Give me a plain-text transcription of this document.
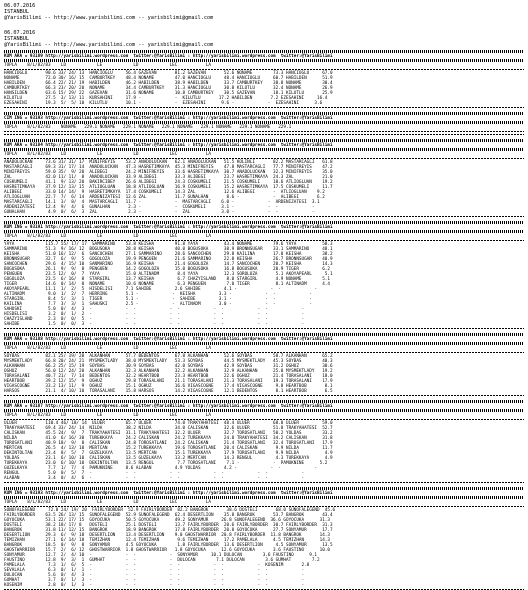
06.07.2016
ISTANBUL
@YarisBilimi -- http://www.yarisbilimi.com -- yarisbilimi@gmail.com
06.07.2016
ISTANBUL
@YarisBilimi -- http://www.yarisbilimi.com -- yarisbilimi@gmail.com
KUM ARA = 93189 http://yarisbilimi.wordpress.com  twitter:@YarisBilimi : http://yarisbilimi.wordpress.com  twitter:@YarisBilimi
TOPLA    8/L/82/83    LD            LE            LD            LEC           LA
HANCIOGLU       90.6 33/ 24/ 13  HANCIOGLU     56.4 GAZEVAN       81.2 GAZEVAN       52.6 NONAME        73.3 HANCIOGLU     67.0
NONAME          72.0 30/ 16/ 15  CAMBURTKEY    48.4 NONAME        47.0 HANCIOGLU     48.4 HANCIOGLU     60.7 HABILDEN      51.9
HABILDEN        66.4 22/ 21/ 19  HABILDEN      46.2 HABILDEN      38.9 HABILDEN      33.7 CAMBURTKEY    38.8 NONAME        30.4
CAMBURTKEY      66.3 23/ 20/ 20  NONAME        34.4 CAMBURTKEY    31.3 HANCIOGLU     30.8 KILUTLU       32.4 NONAME        26.9
HANSILDEN       63.6 15/ 29/ 22  GAZEVAN       31.6 NONAME        10.8 CAMBURTKEY    30.5 GAZEVAN       18.1 KILUTLU       25.9
KILUTLU         27.5  3/ 13/ 11  KURSAHINI     17.9 -             -  KILUTLU       17.2 HABILDEN       7.2 EZESAHINI     16.4
EZESAHINI       19.3  5/  5/ 10  KILUTLU       10.1 -             -  EZESAHINI      9.6 -             -  EZESAHINI      3.6
CIM ING = 93193 http://yarisbilimi.wordpress.com  twitter:@YarisBilimi : http://yarisbilimi.wordpress.com  twitter:@YarisBilimi
TOPLA    8/L/82/83    NONAME   229.1 NONAME   229.1 NONAME   229.1 NONAME   229.1 NONAME   229.1 NONAME   229.1
KUM ARA = 93184 http://yarisbilimi.wordpress.com  twitter:@YarisBilimi : http://yarisbilimi.wordpress.com  twitter:@YarisBilimi
TOPLA    8/L/82/83    LD            LE            LD            LEC           LA
ANADOLUCKAN     73.6 31/ 31/ 17  MINIFREYIS    53.2 ANADOLUCKAN   62.1 ANADOLUCKAN   51.5 KOLINLI       82.2 MASTARCAGLI   61.8
MASTARCAGLI     69.3 31/ 17/ 14  ANADOLUCKAN   47.3 HASRETIMKAYA  45.3 MINIFREYIS    47.8 MASTARCAGLI   77.7 MINIFREYIS    47.2
MINIFREYIS      59.0 35/  9/ 20  ALIBEGI       24.2 MINIFREYIS    33.6 HASRETIMKAYA  30.7 ANADOLUCKAN   32.3 MINIFREYIS    35.0
ZAL             42.0 11/ 11/  8  ANADOLUCKAN   33.9 ALIBEGI       33.3 ALIBEGI       23.7 HASRETIMKAYA  24.3 ZAL           21.0
COSKUMELI       41.1  9/ 13/ 20  BAKIRCIBEY    26.6 ALIBEGI       24.3 COSKUMELI     21.5 COSKUMELI     10.6 ATLIOGLUAN    19.2
HASRETIMKAYA    37.9 12/ 13/ 15  ATLIOGLUAN    18.8 ATLIOGLUAN    16.9 COSKUMELI     15.2 HASRETIMKAYA  17.5 COSKUMELI     11.7
ALIBEGI         33.0 14/ 14/  9  HASRETIMKAYA  17.4 COSKUMELI     14.3 ZAL           12.6 ALIBEGI       -  ATLIOGLUAN    9.2
ATLIOGLUAN      22.7  7/  6/ 14  ARDENIZATESI  12.6 ZAL           11.7 GUNALHAN       8.6 -             -  ALIBEGI       6.2
MASTARCAGLI     14.1  3/  8/  4  MASTARCAGLI   11.7 -             -  MASTARCAGLI    6.0 -             -  ARDENIZATESI  3.1
ARDENIZATESI    12.4  9/  4/  6  GUNALHAN       2.3 -             -  COSKUMELI      3.1 -             -  -             -
GUNALHAN         4.9  0/  6/  3  ZAL            2.3 -             -  ZAL            3.0 -             -  -             -
KUM ING = 93191 http://yarisbilimi.wordpress.com  twitter:@YarisBilimi : http://yarisbilimi.wordpress.com  twitter:@YarisBilimi
TOPLA    8/L/82/83    LD            LE            LD            LEC           LA
YAYA            115.7 55/ 17/ 17  SAMMARINO    53.8 KEISHA        91.8 YAYA          43.4 NONAME        79.6 YAYA          58.3
SAMMARINO       51.3  9/ 16/ 12  BOGUSOKA      28.8 KEISHA        40.0 BOGUSOKA      38.9 BRONNSUGAR    33.1 SAMMARINO     48.1
KEISHA          51.0 16/ 12/  6  SANCOCHEN     27.1 SAMMARINO     28.6 SANCOCHEN     29.8 KAILINA       17.0 KEISHA        38.2
BRONNSUGAR      32.7  6/  9/  5  GOGOLOZA      19.9 PENGUEN       21.6 SAMMARINO     22.8 KEISHA        26.7 BRONNSUGAR    40.9
SANCOCHEN       29.6  4/ 15/ 10  SANMARINO     16.9 KEISHA        21.4 GOGOLOZA      14.7 SANCOCHEN     20.7 KEISHA        14.3
BOGUSOKA        26.1  9/  9/  8  PENGUEN       14.2 GOGOLOZA      15.0 BOGUSOKA      16.8 BOGUSOKA      20.9 TIGER         6.2
PENGUEN         23.5 12/  0/  7  YAYA          15.0 ALTINADM       8.4 YAYA          12.3 SOROLOZA       5.1 AKOYAPEARL     5.1
GOGOLOZA        23.5  6/ 16/  8  STARGIRL      13.7 KEISHA         6.7 CHAZYISLAND    8.0 STARGIRL       4.9 NONAME        5.1
TIGER           14.6  0/ 14/  0  NONAME        10.6 NONAME         6.3 PENGUEN        7.0 TIGER          8.1 ALTINADM      4.4
AKOYAPEARL      11.1  1/  2/  5  HISDELISI     7.1 SAHIBE         2.6 SAHIBE         4.1 -             -  -             -
ALTINADM         9.0  1/  2/  7  HERRING       5.1 -             -  KEISHA         3.3 -             -  -             -
STARGIRL         8.4  5/  3/  1  TIGER         5.1 -             -  SAHIBE         3.1 -             -  -             -
KAILINA          7.7  3/  3/  1  SAHUSKI       2.5 -             -  ALTINADM       3.0 -             -  -             -
SAHUSKI          5.0  0/  4/  3  -             -  -             -  -             -  -             -  -             -
HISDELISI        3.2  0/  1/  2  -             -  -             -  -             -  -             -  -             -
CHAZYISLAND      2.3  0/  0/  5  -             -  -             -  -             -  -             -  -             -
SAHIBE           1.5  0/  0/  3  -             -  -             -  -             -  -             -  -             -
KUM ARA = 93188 http://yarisbilimi.wordpress.com  twitter:@YarisBilimi : http://yarisbilimi.wordpress.com  twitter:@YarisBilimi
TOPLA    8/L/82/83    LD            LE            LD            LEC           LA
SOYBAS          82.1 25/ 19/ 20  ALKANHAN      57.7 BEDENTOS      67.8 ALKANHAN      52.6 SOYBAS        58.7 ALKANHAN      65.2
MYSMEKTLADY     66.8 20/ 24/ 21  MYSMEKTLADY   38.0 MYSMEKTLADY   53.3 SOYBAS        44.5 MYSMEKTLADY   45.3 SOYBAS        40.3
ALKANHAN        66.2 25/ 15/ 19  SOYBAS        30.9 SOYBAS        42.0 SOYBAS        42.9 SOYBAS        31.2 OGHUZ         30.6
OGHUZ           56.0 12/ 24/ 20  ALKANHAN      32.3 ALKANHAN      32.2 ALKANHAN      32.9 ALKANHAN      25.0 MYSMEKTLADY   19.2
TORASALANI      40.7 21/  7/ 14  BEDENTOS      32.2 HEARTBOB      23.3 HEARTBOB      22.6 OGHUZ         21.4 TORASALANI    18.0
HEARTBOB        39.2 12/ 15/  9  OGHUZ         29.8 TORASALANI    21.1 TORASALANI    21.3 TORASALANI    19.3 TORASALANI    17.9
VIGASCOGNE      33.2 13/ 11/  9  OGHUZ         15.1 OGHUZ         16.6 VIGASCOGNE    17.4 VIGASCOGNE     9.8 HEARTBOB       8.1
HARSOS          21.1  4/ 10/ 10  TORASALANI    15.8 HARSOS        14.2 VIGASCOGNE    12.1 BEDENTOS       8.1 HEARTBOB       6.5
KUM ARA = 93187 http://yarisbilimi.wordpress.com  twitter:@YarisBilimi : http://yarisbilimi.wordpress.com  twitter:@YarisBilimi
TOPLA    8/L/82/83    LD            LE            LD            LEC           LA
ULUER           110.4 46/ 18/ 14  ULUER        65.7 ULUER         74.0 TRAKYAHATESI  48.4 ULUER         68.8 ULUER         59.0
TRAKYAHATESI    69.4 33/ 24/ 14  NILDA         38.2 NILDA         34.0 CALISKAN      32.6 ULUER         51.8 TRAKYAHATESI  52.7
CALISKAN        45.5 24/  9/  7  TRAKYAHATESI  31.1 TRAKYAHATESI  32.2 ULUER         32.7 TOROSATLANI   50.2 YOLDAS        33.2
NILDA           41.0  6/ 16/ 30  TUREKKAYA     24.2 CALISKAN      24.2 TUREKKAYA     24.8 TRAKYAHATESI  34.2 CALISKAN      31.8
TOROSATLANI     40.9 18/  9/  8  CALISKAN      24.8 TOROSATLANI   24.2 CALISKAN      21.4 TOROSATLANI   32.4 TOROSATLANI   17.9
MERTCAN         26.5  4/ 13/ 10  MERTCAN       15.2 TUREKKAYA     19.6 TOROSATLANI   20.4 CALISKAN       9.9 NILDA         11.7
DEKINTOLTAN     23.4  8/  5/  7  GUZELKAYA     13.5 MERTCAN       15.1 TUREKKAYA     17.9 TOROSATLANI    9.9 NILDA          4.9
YOLDAS          23.1  6/ 10/ 10  CALISKAN      13.5 GUZELKAYA     13.2 MERTCAN       14.3 RENGUL         4.3 TUREKKAYA      4.9
TUREKKAYA       23.0  6/ 10/ 10  DEKINTOLTAN   13.5 RENGUL         7.7 TOROSATLANI    7.1 -             -  PAMUKNINE      5.2
GUZELKAYA        7.7  1/  7/  4  PAMUKNINE     8.6 ALABAN         4.9 YOLDAS         4.2 -             -  -             -
RENGUL           5.0  0/  5/  7  -             -  -             -  -             -  -             -  -             -
ALABAN           3.4  0/  4/  6  -             -  -             -  -             -  -             -  -             -
KUM ING = 93193 http://yarisbilimi.wordpress.com  twitter:@YarisBilimi : http://yarisbilimi.wordpress.com  twitter:@YarisBilimi
TOPLA    8/L/82/83    LD            LE            LD            LEC           LA
SUNOFALEGEND     72.0 24/ 19/ 20  FAIRLYBORDER  52.9 FAIRLYBORDER  82.2 BANGROK       38.6 DOSTELI       68.0 SUNOFALEGEND  45.6
FAIRLYBORDER    63.5 26/ 13/ 15  SUNOFALEGEND  52.9 SUNOFALEGEND  62.4 DESERTLION    35.8 BANGROK       53.7 BANGROK       43.4
GOYOCUKA        53.1 22/ 17/ 15  GOYOCUKA      50.5 GOYOCUKA      49.2 SONYAMUR     26.8 SUNOFALEGEND  36.6 GOYOCUKA      31.3
DOSTELI         38.2 18/ 17/ 8   DOSTELI       25.1 DOSTELI       13.7 FAIRLYBORDER  20.6 FAIRLYBORDER  30.7 FAIRLYBORDER  31.3
BANGROK         31.8 11/ 12/ 15  BANGROK       18.9 BANGROK       17.8 FAIRLYBORDER  20.8 GOYOCUKA      27.7 SONYAMUR      17.7
DESERTLION      29.3  6/  9/ 18  DESERTLION    13.4 DESERTLION    9.0 GHOSTWARRIOR  20.8 FAIRLYBORDER  11.8 BANGROK       14.3
TEMIZHAN        27.1  6/ 14/ 18  TEMIZHAN      12.4 TEMIZHAN       9.6 TEMIZHAN      17.2 PAMELALA      4.5 TEMIZHAN      14.3
BANGROK         18.5  0/  9/  8  SONYAMUR      4.5 GOYOCUKA        1.8 FAIRLYBORDER  13.6 DESERTLION     4.5 SONYAMUR      13.5
GHOSTWARRIOR    15.7  2/  6/ 12  GHOSTWARRIOR  1.8 GHOSTWARRIOR   1.8 GOYOCUKA      12.6 GOYOCUKA       3.6 FAUSTINO      10.0
SONYAMUR        12.7  2/  4/ 10  -             -  -             -  SONYAMUR     10.1 DULOCAN        3.6 FAUSTINO      9.1
FAUSTINO        12.8  9/  3/  1  GUMHAT        -  -             -  DULOCAN        7.1 DULOCAN        3.6 GUMHAT        7.2
PAMELALA         7.3  1/  6/  5  -             -  -             -  -             -  -             -  KOSENIM       2.8
SEVALALA         6.3  0/  1/  1  -             -  -             -  -             -  -             -  -             -
DULOCAN          5.6  0/  4/  3  -             -  -             -  -             -  -             -  -             -
GUMHAT           3.7  0/  1/  3  -             -  -             -  -             -  -             -  -             -
KOSENIM          2.8  0/  1/  3  -             -  -             -  -             -  -             -  -             -
